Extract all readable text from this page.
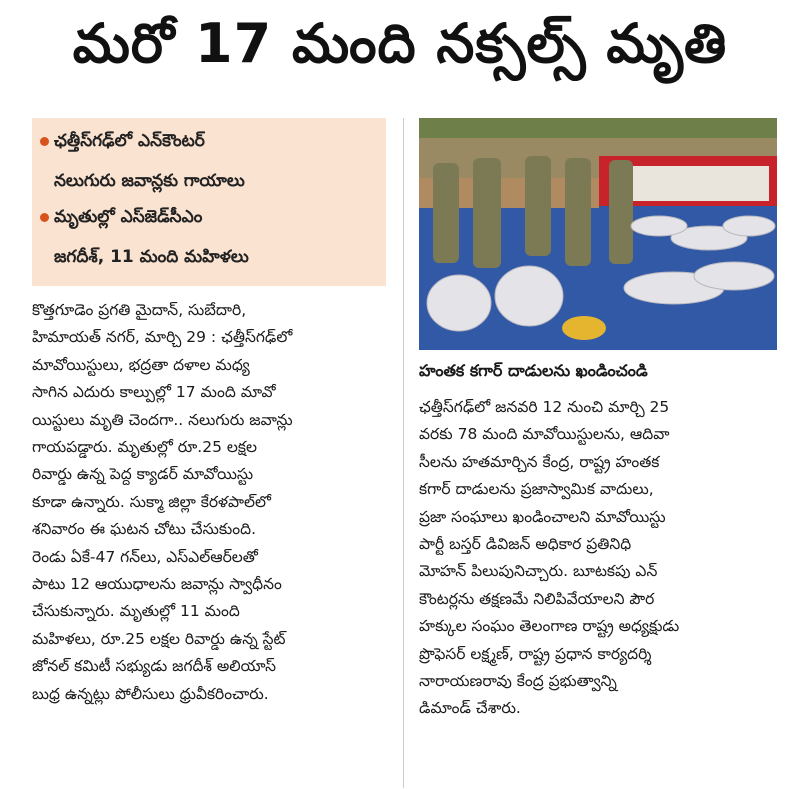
మరో 17 మంది నక్సల్స్‌ మృతి
ఛత్తీస్‌గఢ్‌లో ఎన్‌కౌంటర్‌
నలుగురు జవాన్లకు గాయాలు
మృతుల్లో ఎస్‌జెడ్‌సీఎం
జగదీశ్‌, 11 మంది మహిళలు
హంతక కగార్‌ దాడులను ఖండించండి
కొత్తగూడెం ప్రగతి మైదాన్‌, సుబేదారి,
హిమాయత్‌ నగర్‌, మార్చి 29 : ఛత్తీస్‌గఢ్‌లో
మావోయిస్టులు, భద్రతా దళాల మధ్య
సాగిన ఎదురు కాల్పుల్లో 17 మంది మావో
యిస్టులు మృతి చెందగా.. నలుగురు జవాన్లు
గాయపడ్డారు. మృతుల్లో రూ.25 లక్షల
రివార్డు ఉన్న పెద్ద క్యాడర్‌ మావోయిస్టు
కూడా ఉన్నారు. సుక్మా జిల్లా కేరళపాల్‌లో
శనివారం ఈ ఘటన చోటు చేసుకుంది.
రెండు ఏకే-47 గన్‌లు, ఎస్‌ఎల్‌ఆర్‌లతో
పాటు 12 ఆయుధాలను జవాన్లు స్వాధీనం
చేసుకున్నారు. మృతుల్లో 11 మంది
మహిళలు, రూ.25 లక్షల రివార్డు ఉన్న స్టేట్‌
జోనల్‌ కమిటీ సభ్యుడు జగదీశ్‌ అలియాస్‌
బుధ్ర ఉన్నట్లు పోలీసులు ధ్రువీకరించారు.
ఛత్తీస్‌గఢ్‌లో జనవరి 12 నుంచి మార్చి 25
వరకు 78 మంది మావోయిస్టులను, ఆదివా
సీలను హతమార్చిన కేంద్ర, రాష్ట్ర హంతక
కగార్‌ దాడులను ప్రజాస్వామిక వాదులు,
ప్రజా సంఘాలు ఖండించాలని మావోయిస్టు
పార్టీ బస్తర్‌ డివిజన్‌ అధికార ప్రతినిధి
మోహన్‌ పిలుపునిచ్చారు. బూటకపు ఎన్‌
కౌంటర్లను తక్షణమే నిలిపివేయాలని పౌర
హక్కుల సంఘం తెలంగాణ రాష్ట్ర అధ్యక్షుడు
ప్రొఫెసర్‌ లక్ష్మణ్‌, రాష్ట్ర ప్రధాన కార్యదర్శి
నారాయణరావు కేంద్ర ప్రభుత్వాన్ని
డిమాండ్‌ చేశారు.
